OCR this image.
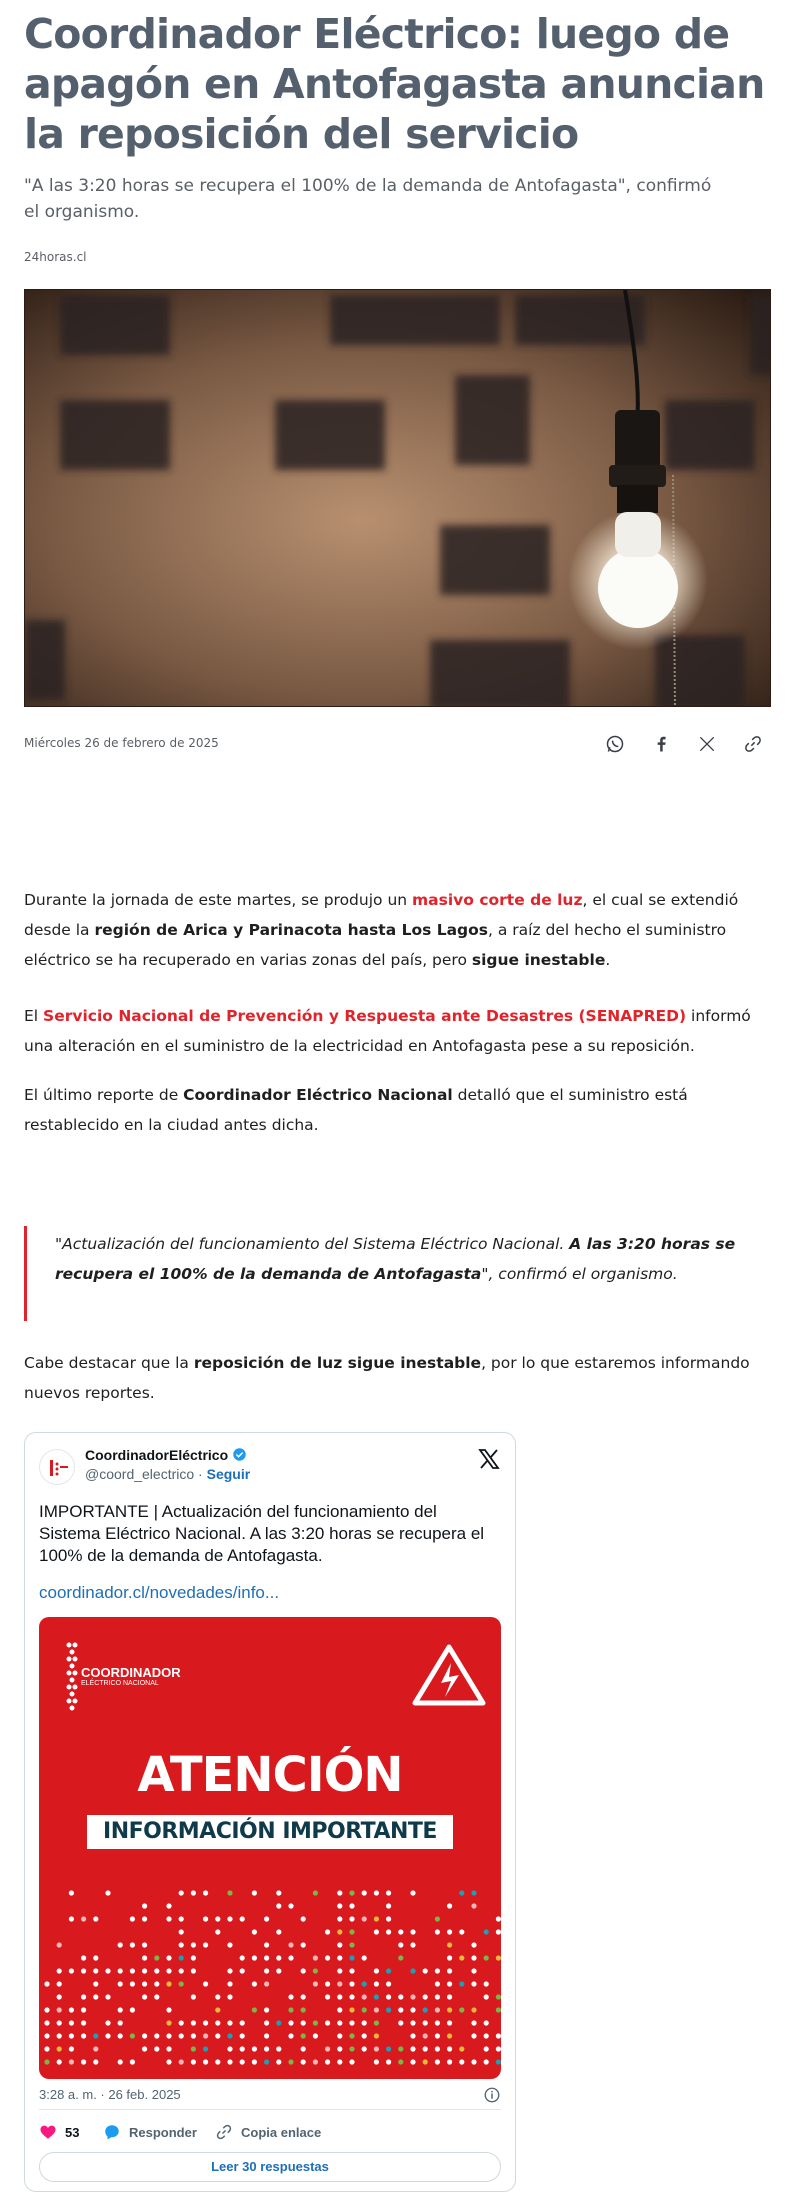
Coordinador Eléctrico: luego de apagón en Antofagasta anuncian la reposición del servicio

"A las 3:20 horas se recupera el 100% de la demanda de Antofagasta", confirmó el organismo.

24horas.cl
Miércoles 26 de febrero de 2025

Durante la jornada de este martes, se produjo un masivo corte de luz, el cual se extendió desde la región de Arica y Parinacota hasta Los Lagos, a raíz del hecho el suministro eléctrico se ha recuperado en varias zonas del país, pero sigue inestable.

El Servicio Nacional de Prevención y Respuesta ante Desastres (SENAPRED) informó una alteración en el suministro de la electricidad en Antofagasta pese a su reposición.

El último reporte de Coordinador Eléctrico Nacional detalló que el suministro está restablecido en la ciudad antes dicha.

"Actualización del funcionamiento del Sistema Eléctrico Nacional. A las 3:20 horas se recupera el 100% de la demanda de Antofagasta", confirmó el organismo.

Cabe destacar que la reposición de luz sigue inestable, por lo que estaremos informando nuevos reportes.

CoordinadorEléctrico
@coord_electrico · Seguir
IMPORTANTE | Actualización del funcionamiento del Sistema Eléctrico Nacional. A las 3:20 horas se recupera el 100% de la demanda de Antofagasta.
coordinador.cl/novedades/info...
COORDINADOR
ELÉCTRICO NACIONAL
ATENCIÓN
INFORMACIÓN IMPORTANTE
3:28 a. m. · 26 feb. 2025
53	Responder	Copia enlace
Leer 30 respuestas
